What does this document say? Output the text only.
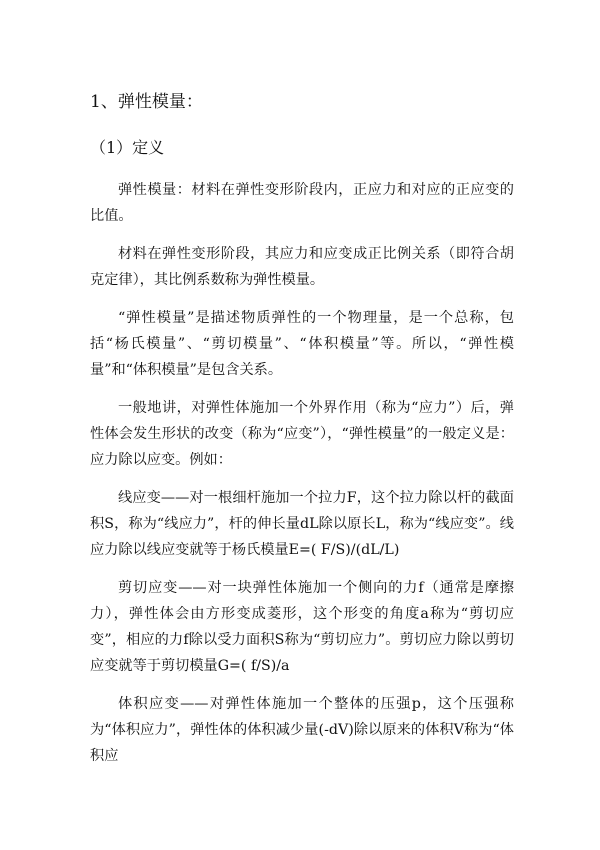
1、弹性模量：
（1）定义

弹性模量：材料在弹性变形阶段内，正应力和对应的正应变的比值。

材料在弹性变形阶段，其应力和应变成正比例关系（即符合胡克定律），其比例系数称为弹性模量。

“弹性模量”是描述物质弹性的一个物理量，是一个总称，包括“杨氏模量”、“剪切模量”、“体积模量”等。所以，“弹性模量”和“体积模量”是包含关系。

一般地讲，对弹性体施加一个外界作用（称为“应力”）后，弹性体会发生形状的改变（称为“应变”），“弹性模量”的一般定义是：应力除以应变。例如：

线应变——对一根细杆施加一个拉力F，这个拉力除以杆的截面积S，称为“线应力”，杆的伸长量dL除以原长L，称为“线应变”。线应力除以线应变就等于杨氏模量E=( F/S)/(dL/L)

剪切应变——对一块弹性体施加一个侧向的力f（通常是摩擦力），弹性体会由方形变成菱形，这个形变的角度a称为“剪切应变”，相应的力f除以受力面积S称为“剪切应力”。剪切应力除以剪切应变就等于剪切模量G=( f/S)/a

体积应变——对弹性体施加一个整体的压强p，这个压强称为“体积应力”，弹性体的体积减少量(-dV)除以原来的体积V称为“体积应
